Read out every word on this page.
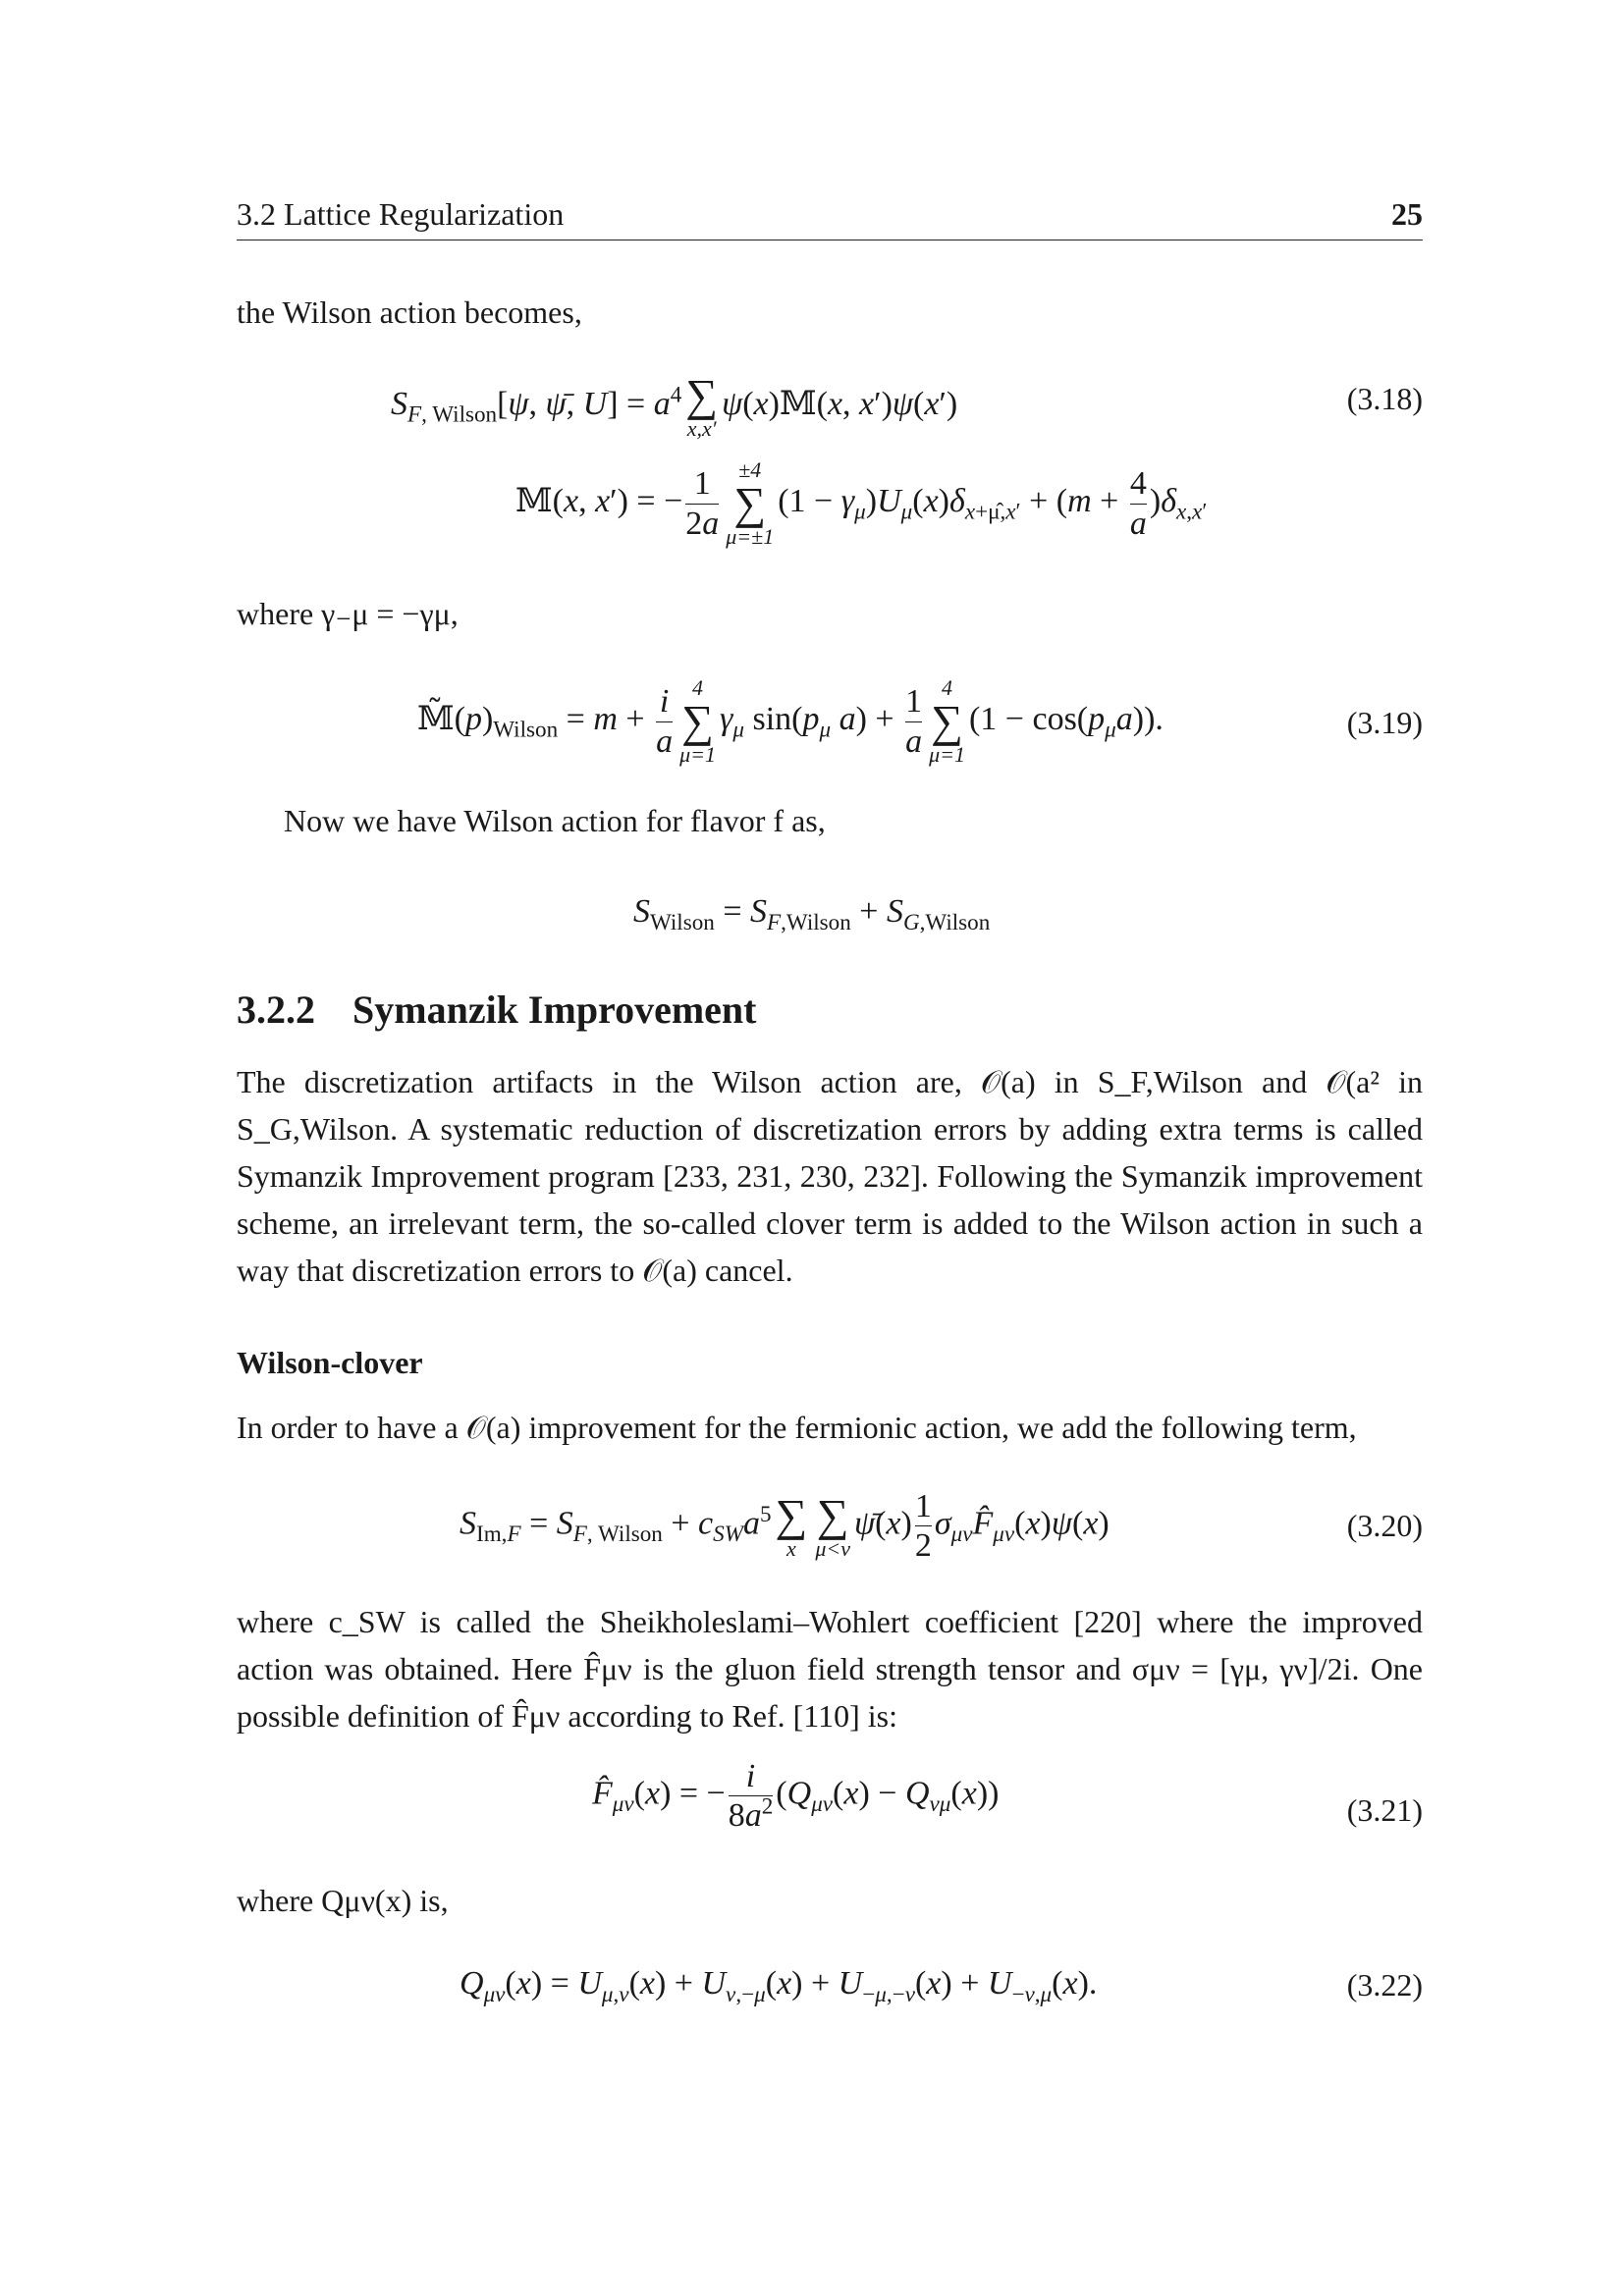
3.2 Lattice Regularization	25
the Wilson action becomes,
$S_{F, Wilson}[\psi$, ψ̄, $U] = a^4$ ∑
x,x′
ψ(x)𝕄(x, x′)ψ(x′)	(3.18)
𝕄(x, x′) = − $\frac{1}{2a} \pm 4$
∑
μ=±1
$(1 - \gamma_\mu)U_\mu(x)\delta_{x+\mû,x'} + (m + \frac{4}{a} )\delta_{x,x'}$
where γ₋μ = −γμ,
$𝕄̃(p)_{Wilson} = m + \frac{i}{a} 4$
∑
μ=1
$\gamma_\mu$ $\sin(p_\mu$ $a) + \frac{1}{a} 4$
∑
μ=1
$(1 - \cos(p_\mu a))$.	(3.19)
Now we have Wilson action for flavor f as,
$S_{Wilson} = S_{F,Wilson} + S_{G,Wilson}$
3.2.2 Symanzik Improvement
The discretization artifacts in the Wilson action are, 𝒪(a) in S_F,Wilson and 𝒪(a² in S_G,Wilson. A systematic reduction of discretization errors by adding extra terms is called Symanzik Improvement program [233, 231, 230, 232]. Following the Symanzik improvement scheme, an irrelevant term, the so-called clover term is added to the Wilson action in such a way that discretization errors to 𝒪(a) cancel.
Wilson-clover
In order to have a 𝒪(a) improvement for the fermionic action, we add the following term,
$S_{Im,F} = S_{F, Wilson} + c_{SW}a^5$ ∑
x
∑
μ<ν
ψ̄(x) $\frac{1}{2}$ $\sigma_{\mu\nu}F̂_{\mu\nu}(x)\psi(x)$	(3.20)
where c_SW is called the Sheikholeslami–Wohlert coefficient [220] where the improved action was obtained. Here F̂μν is the gluon field strength tensor and σμν = [γμ, γν]/2i. One possible definition of F̂μν according to Ref. [110] is:
$F̂_{\mu\nu}(x)$ = − $\frac{i}{8a^2} (Q_{\mu\nu}(x) - Q_{\nu\mu}(x))$	(3.21)
where Qμν(x) is,
$Q_{\mu\nu}(x) = U_{\mu,\nu}(x) + U_{\nu,-\mu}(x) + U_{-\mu,-\nu}(x) + U_{-\nu,\mu}(x)$.	(3.22)
